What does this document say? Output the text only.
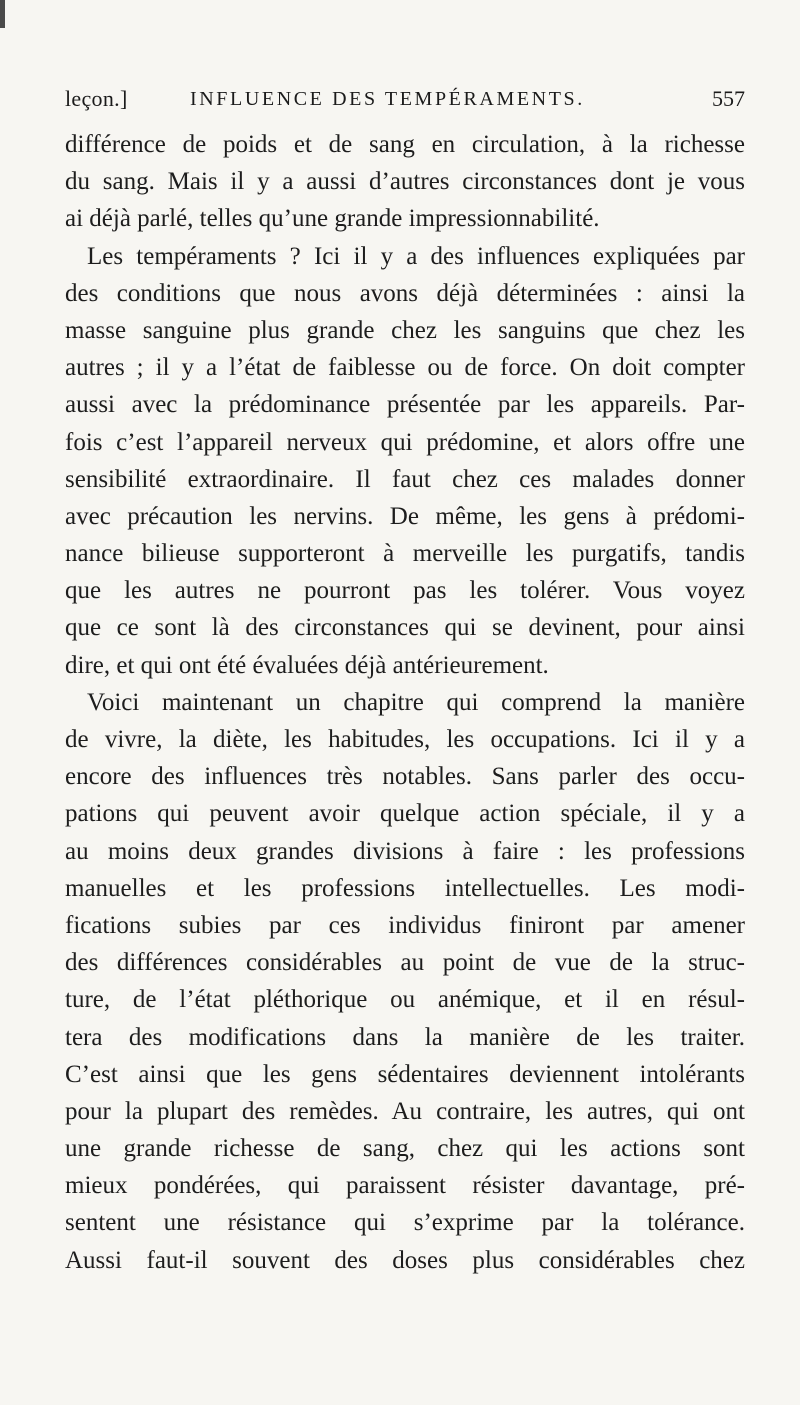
leçon.]	INFLUENCE DES TEMPÉRAMENTS.	557
différence de poids et de sang en circulation, à la richesse
du sang. Mais il y a aussi d’autres circonstances dont je vous
ai déjà parlé, telles qu’une grande impressionnabilité.
Les tempéraments ? Ici il y a des influences expliquées par
des conditions que nous avons déjà déterminées : ainsi la
masse sanguine plus grande chez les sanguins que chez les
autres ; il y a l’état de faiblesse ou de force. On doit compter
aussi avec la prédominance présentée par les appareils. Par-
fois c’est l’appareil nerveux qui prédomine, et alors offre une
sensibilité extraordinaire. Il faut chez ces malades donner
avec précaution les nervins. De même, les gens à prédomi-
nance bilieuse supporteront à merveille les purgatifs, tandis
que les autres ne pourront pas les tolérer. Vous voyez
que ce sont là des circonstances qui se devinent, pour ainsi
dire, et qui ont été évaluées déjà antérieurement.
Voici maintenant un chapitre qui comprend la manière
de vivre, la diète, les habitudes, les occupations. Ici il y a
encore des influences très notables. Sans parler des occu-
pations qui peuvent avoir quelque action spéciale, il y a
au moins deux grandes divisions à faire : les professions
manuelles et les professions intellectuelles. Les modi-
fications subies par ces individus finiront par amener
des différences considérables au point de vue de la struc-
ture, de l’état pléthorique ou anémique, et il en résul-
tera des modifications dans la manière de les traiter.
C’est ainsi que les gens sédentaires deviennent intolérants
pour la plupart des remèdes. Au contraire, les autres, qui ont
une grande richesse de sang, chez qui les actions sont
mieux pondérées, qui paraissent résister davantage, pré-
sentent une résistance qui s’exprime par la tolérance.
Aussi faut-il souvent des doses plus considérables chez
